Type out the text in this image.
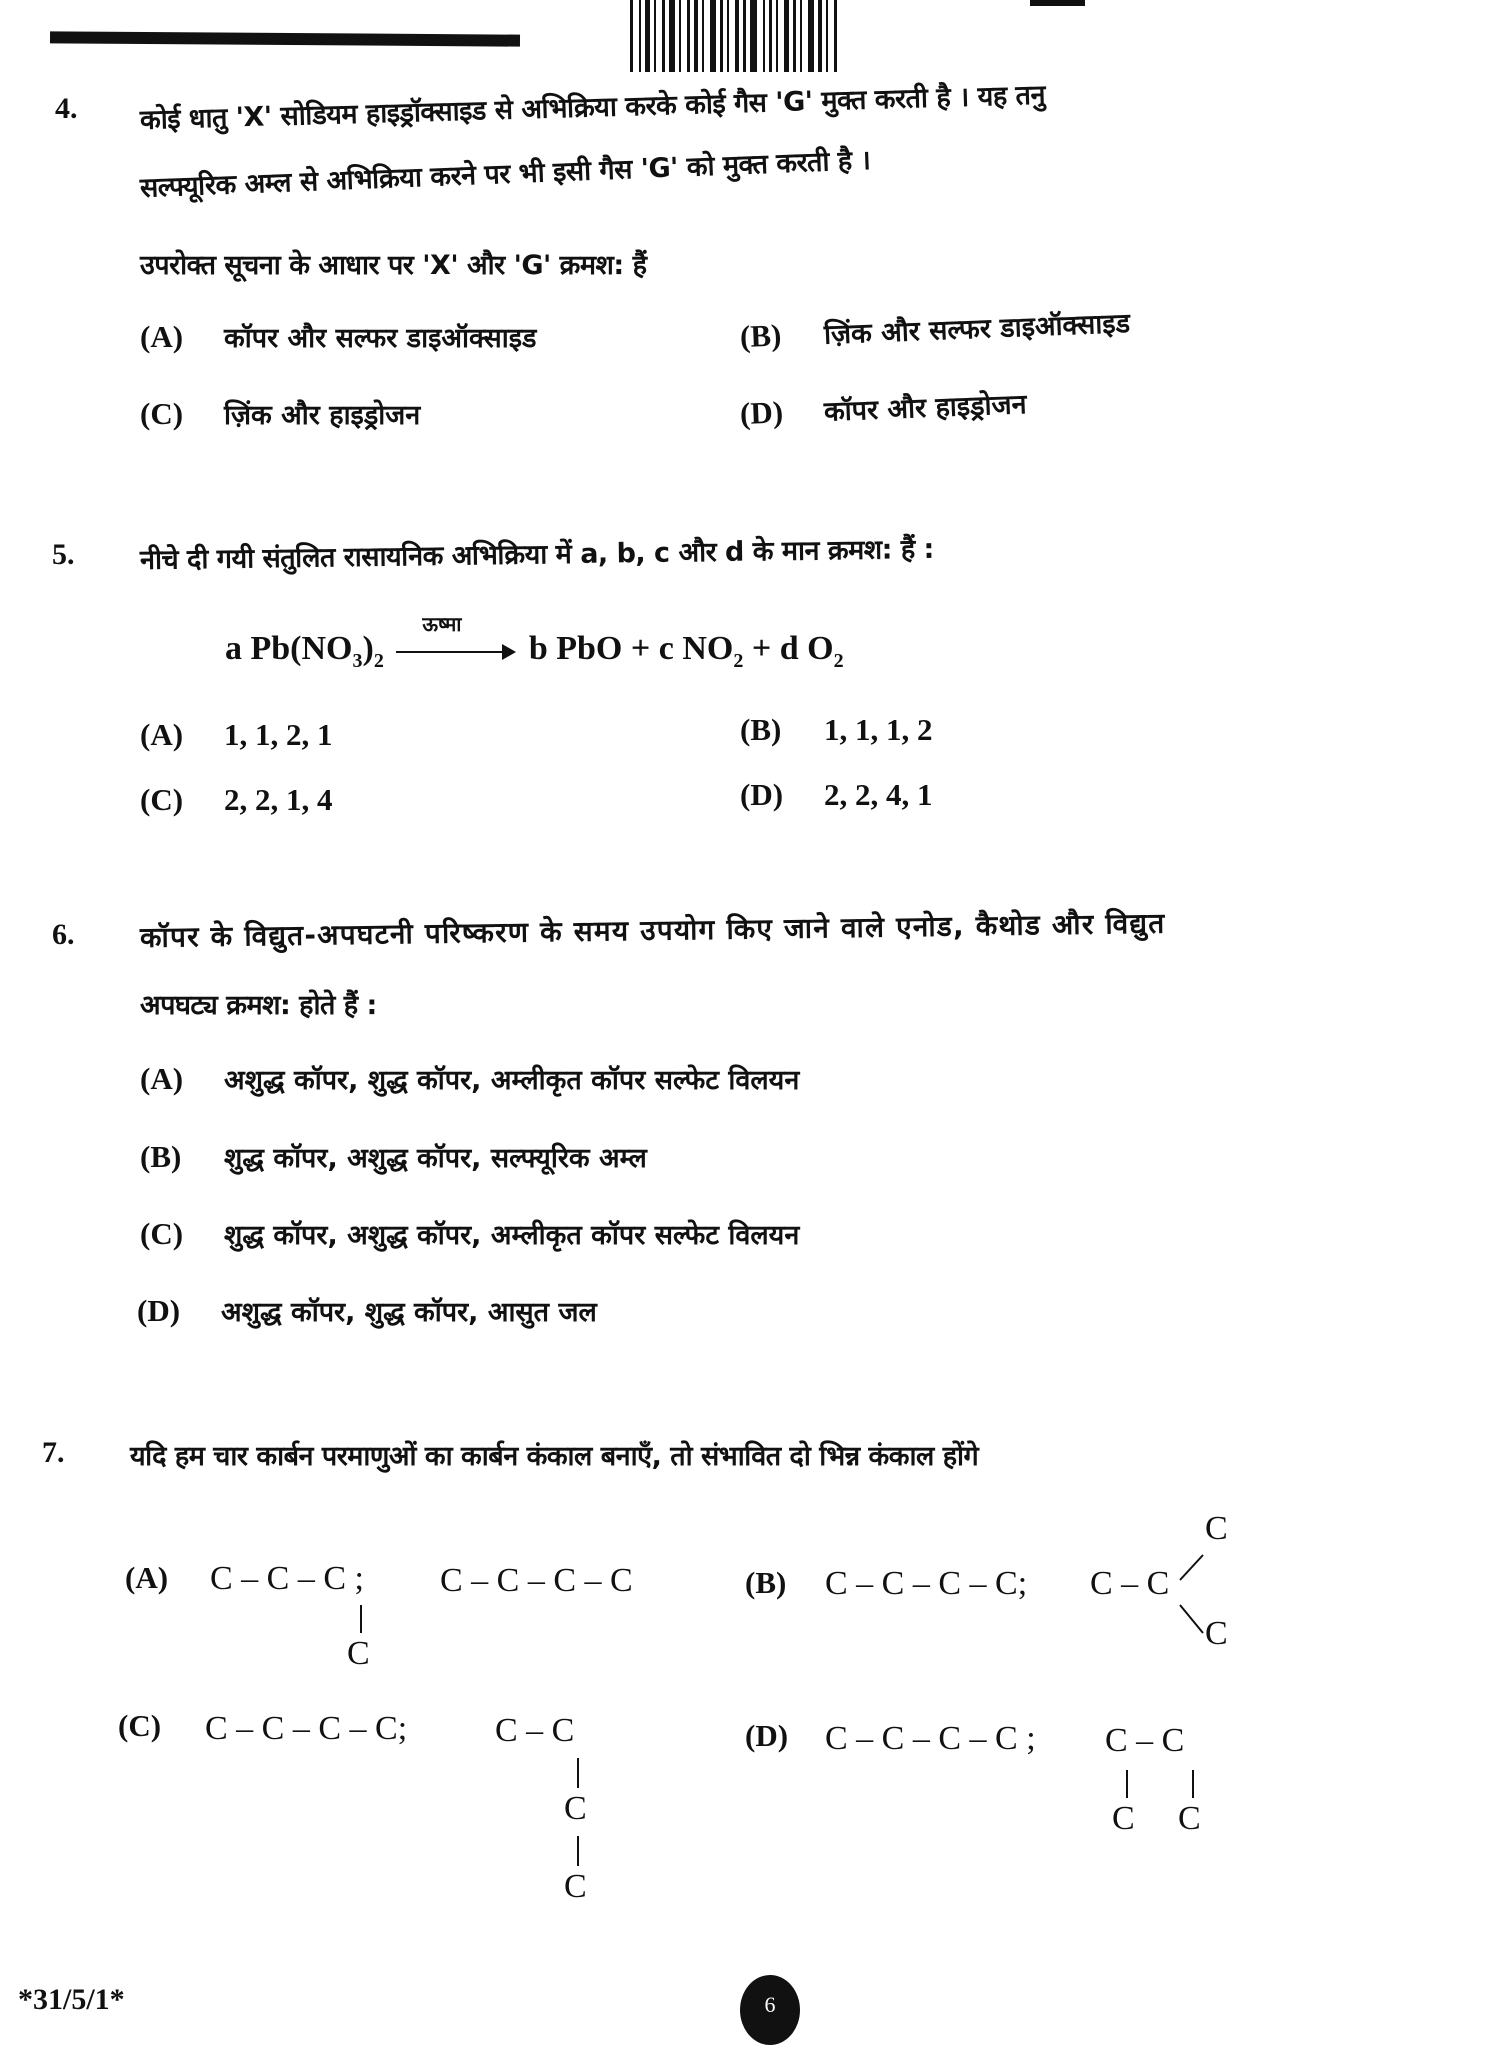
4. कोई धातु 'X' सोडियम हाइड्रॉक्साइड से अभिक्रिया करके कोई गैस 'G' मुक्त करती है । यह तनु
सल्फ्यूरिक अम्ल से अभिक्रिया करने पर भी इसी गैस 'G' को मुक्त करती है ।
उपरोक्त सूचना के आधार पर 'X' और 'G' क्रमश: हैं
(A) कॉपर और सल्फर डाइऑक्साइड	(B) ज़िंक और सल्फर डाइऑक्साइड
(C) ज़िंक और हाइड्रोजन	(D) कॉपर और हाइड्रोजन
5. नीचे दी गयी संतुलित रासायनिक अभिक्रिया में a, b, c और d के मान क्रमश: हैं :
a $Pb(NO_3)_2$
ऊष्मा
b PbO + c $NO_2 + d$ $O_2$
(A) 1, 1, 2, 1	(B) 1, 1, 1, 2
(C) 2, 2, 1, 4	(D) 2, 2, 4, 1
6. कॉपर के विद्युत-अपघटनी परिष्करण के समय उपयोग किए जाने वाले एनोड, कैथोड और विद्युत
अपघट्य क्रमश: होते हैं :
(A) अशुद्ध कॉपर, शुद्ध कॉपर, अम्लीकृत कॉपर सल्फेट विलयन
(B) शुद्ध कॉपर, अशुद्ध कॉपर, सल्फ्यूरिक अम्ल
(C) शुद्ध कॉपर, अशुद्ध कॉपर, अम्लीकृत कॉपर सल्फेट विलयन
(D) अशुद्ध कॉपर, शुद्ध कॉपर, आसुत जल
7. यदि हम चार कार्बन परमाणुओं का कार्बन कंकाल बनाएँ, तो संभावित दो भिन्न कंकाल होंगे
(A) C – C – C ;
C
C – C – C – C	(B) C – C – C – C; C – C
C
C
(C) C – C – C – C;	C – C
C
C
(D) C – C – C – C ; C – C
C C
*31/5/1*	6
